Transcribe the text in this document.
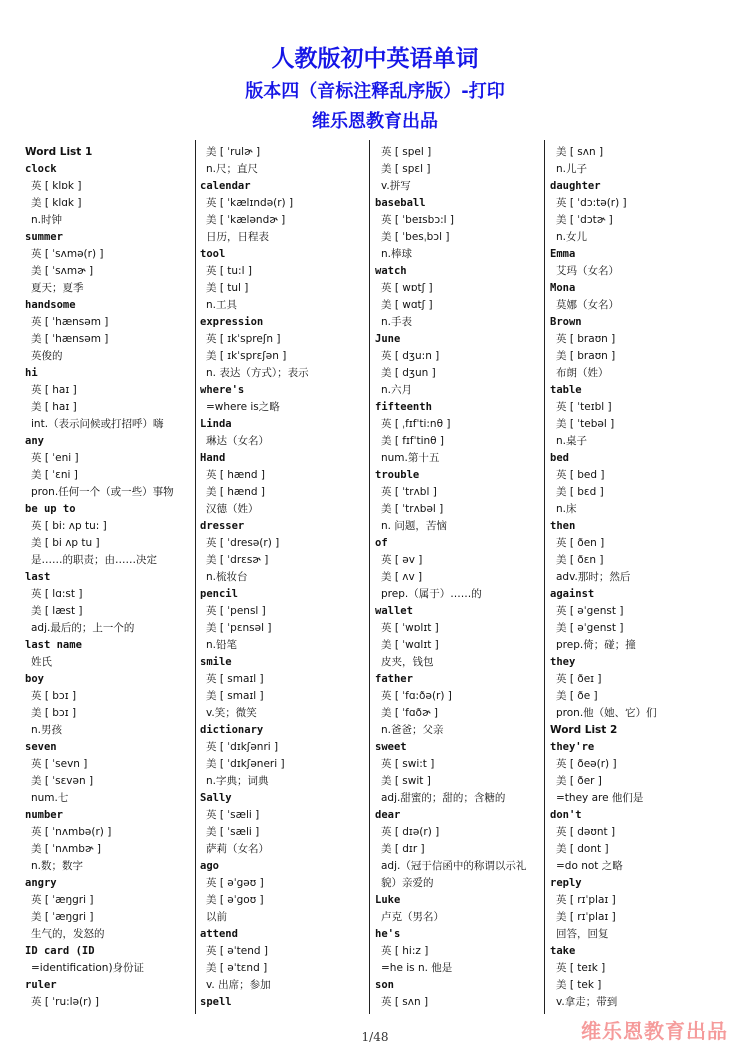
人教版初中英语单词
版本四（音标注释乱序版）-打印
维乐恩教育出品
Word List 1
clock
英 [ klɒk ]
美 [ klɑk ]
n.时钟
summer
英 [ ˈsʌmə(r) ]
美 [ ˈsʌmɚ ]
夏天；夏季
handsome
英 [ ˈhænsəm ]
美 [ ˈhænsəm ]
英俊的
hi
英 [ haɪ ]
美 [ haɪ ]
int.（表示问候或打招呼）嗨
any
英 [ ˈeni ]
美 [ ˈɛni ]
pron.任何一个（或一些）事物
be up to
英 [ bi: ʌp tu: ]
美 [ bi ʌp tu ]
是……的职责；由……决定
last
英 [ lɑ:st ]
美 [ læst ]
adj.最后的；上一个的
last name
姓氏
boy
英 [ bɔɪ ]
美 [ bɔɪ ]
n.男孩
seven
英 [ ˈsevn ]
美 [ ˈsɛvən ]
num.七
number
英 [ ˈnʌmbə(r) ]
美 [ ˈnʌmbɚ ]
n.数；数字
angry
英 [ ˈæŋgri ]
美 [ ˈæŋgri ]
生气的，发怒的
ID card (ID
=identification)身份证
ruler
英 [ ˈru:lə(r) ]
美 [ ˈrulɚ ]
n.尺；直尺
calendar
英 [ ˈkælɪndə(r) ]
美 [ ˈkæləndɚ ]
日历，日程表
tool
英 [ tu:l ]
美 [ tul ]
n.工具
expression
英 [ ɪkˈspreʃn ]
美 [ ɪkˈsprɛʃən ]
n. 表达（方式）；表示
where's
=where is之略
Linda
琳达（女名）
Hand
英 [ hænd ]
美 [ hænd ]
汉德（姓）
dresser
英 [ ˈdresə(r) ]
美 [ ˈdrɛsɚ ]
n.梳妆台
pencil
英 [ ˈpensl ]
美 [ ˈpɛnsəl ]
n.铅笔
smile
英 [ smaɪl ]
美 [ smaɪl ]
v.笑；微笑
dictionary
英 [ ˈdɪkʃənri ]
美 [ ˈdɪkʃəneri ]
n.字典；词典
Sally
英 [ ˈsæli ]
美 [ ˈsæli ]
萨莉（女名）
ago
英 [ əˈgəʊ ]
美 [ əˈgoʊ ]
以前
attend
英 [ əˈtend ]
美 [ əˈtɛnd ]
v. 出席；参加
spell
英 [ spel ]
美 [ spɛl ]
v.拼写
baseball
英 [ ˈbeɪsbɔ:l ]
美 [ ˈbesˌbɔl ]
n.棒球
watch
英 [ wɒtʃ ]
美 [ wɑtʃ ]
n.手表
June
英 [ dʒu:n ]
美 [ dʒun ]
n.六月
fifteenth
英 [ ˌfɪfˈti:nθ ]
美 [ fɪfˈtinθ ]
num.第十五
trouble
英 [ ˈtrʌbl ]
美 [ ˈtrʌbəl ]
n. 问题，苦恼
of
英 [ əv ]
美 [ ʌv ]
prep.（属于）……的
wallet
英 [ ˈwɒlɪt ]
美 [ ˈwɑlɪt ]
皮夹，钱包
father
英 [ ˈfɑ:ðə(r) ]
美 [ ˈfɑðɚ ]
n.爸爸；父亲
sweet
英 [ swi:t ]
美 [ swit ]
adj.甜蜜的；甜的；含糖的
dear
英 [ dɪə(r) ]
美 [ dɪr ]
adj.（冠于信函中的称谓以示礼貌）亲爱的
Luke
卢克（男名）
he's
英 [ hi:z ]
=he is n. 他是
son
英 [ sʌn ]
美 [ sʌn ]
n.儿子
daughter
英 [ ˈdɔ:tə(r) ]
美 [ ˈdɔtɚ ]
n.女儿
Emma
艾玛（女名）
Mona
莫娜（女名）
Brown
英 [ braʊn ]
美 [ braʊn ]
布朗（姓）
table
英 [ ˈteɪbl ]
美 [ ˈtebəl ]
n.桌子
bed
英 [ bed ]
美 [ bɛd ]
n.床
then
英 [ ðen ]
美 [ ðɛn ]
adv.那时；然后
against
英 [ əˈgenst ]
美 [ əˈgenst ]
prep.倚；碰；撞
they
英 [ ðeɪ ]
美 [ ðe ]
pron.他（她、它）们
Word List 2
they're
英 [ ðeə(r) ]
美 [ ðer ]
=they are 他们是
don't
英 [ dəʊnt ]
美 [ dont ]
=do not 之略
reply
英 [ rɪˈplaɪ ]
美 [ rɪˈplaɪ ]
回答，回复
take
英 [ teɪk ]
美 [ tek ]
v.拿走；带到
1/48	维乐恩教育出品
